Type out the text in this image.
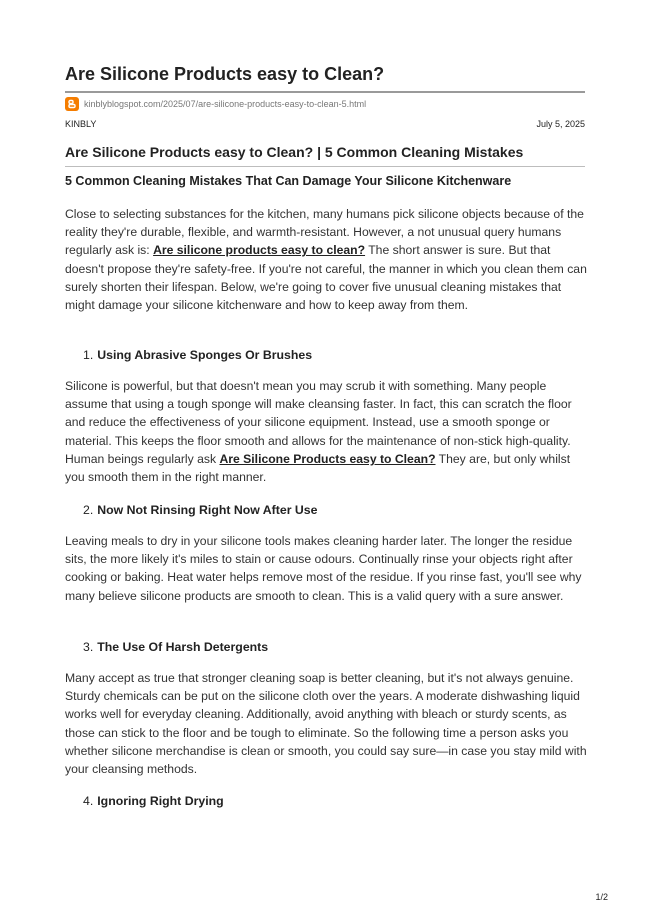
Are Silicone Products easy to Clean?
kinblyblogspot.com/2025/07/are-silicone-products-easy-to-clean-5.html
KINBLY	July 5, 2025
Are Silicone Products easy to Clean? | 5 Common Cleaning Mistakes
5 Common Cleaning Mistakes That Can Damage Your Silicone Kitchenware

Close to selecting substances for the kitchen, many humans pick silicone objects because of the reality they're durable, flexible, and warmth-resistant. However, a not unusual query humans regularly ask is: Are silicone products easy to clean? The short answer is sure. But that doesn't propose they're safety-free. If you're not careful, the manner in which you clean them can surely shorten their lifespan. Below, we're going to cover five unusual cleaning mistakes that might damage your silicone kitchenware and how to keep away from them.

1. Using Abrasive Sponges Or Brushes

Silicone is powerful, but that doesn't mean you may scrub it with something. Many people assume that using a tough sponge will make cleansing faster. In fact, this can scratch the floor and reduce the effectiveness of your silicone equipment. Instead, use a smooth sponge or material. This keeps the floor smooth and allows for the maintenance of non-stick high-quality. Human beings regularly ask Are Silicone Products easy to Clean? They are, but only whilst you smooth them in the right manner.

2. Now Not Rinsing Right Now After Use

Leaving meals to dry in your silicone tools makes cleaning harder later. The longer the residue sits, the more likely it's miles to stain or cause odours. Continually rinse your objects right after cooking or baking. Heat water helps remove most of the residue. If you rinse fast, you'll see why many believe silicone products are smooth to clean. This is a valid query with a sure answer.

3. The Use Of Harsh Detergents

Many accept as true that stronger cleaning soap is better cleaning, but it's not always genuine. Sturdy chemicals can be put on the silicone cloth over the years. A moderate dishwashing liquid works well for everyday cleaning. Additionally, avoid anything with bleach or sturdy scents, as those can stick to the floor and be tough to eliminate. So the following time a person asks you whether silicone merchandise is clean or smooth, you could say sure—in case you stay mild with your cleansing methods.

4. Ignoring Right Drying
1/2
